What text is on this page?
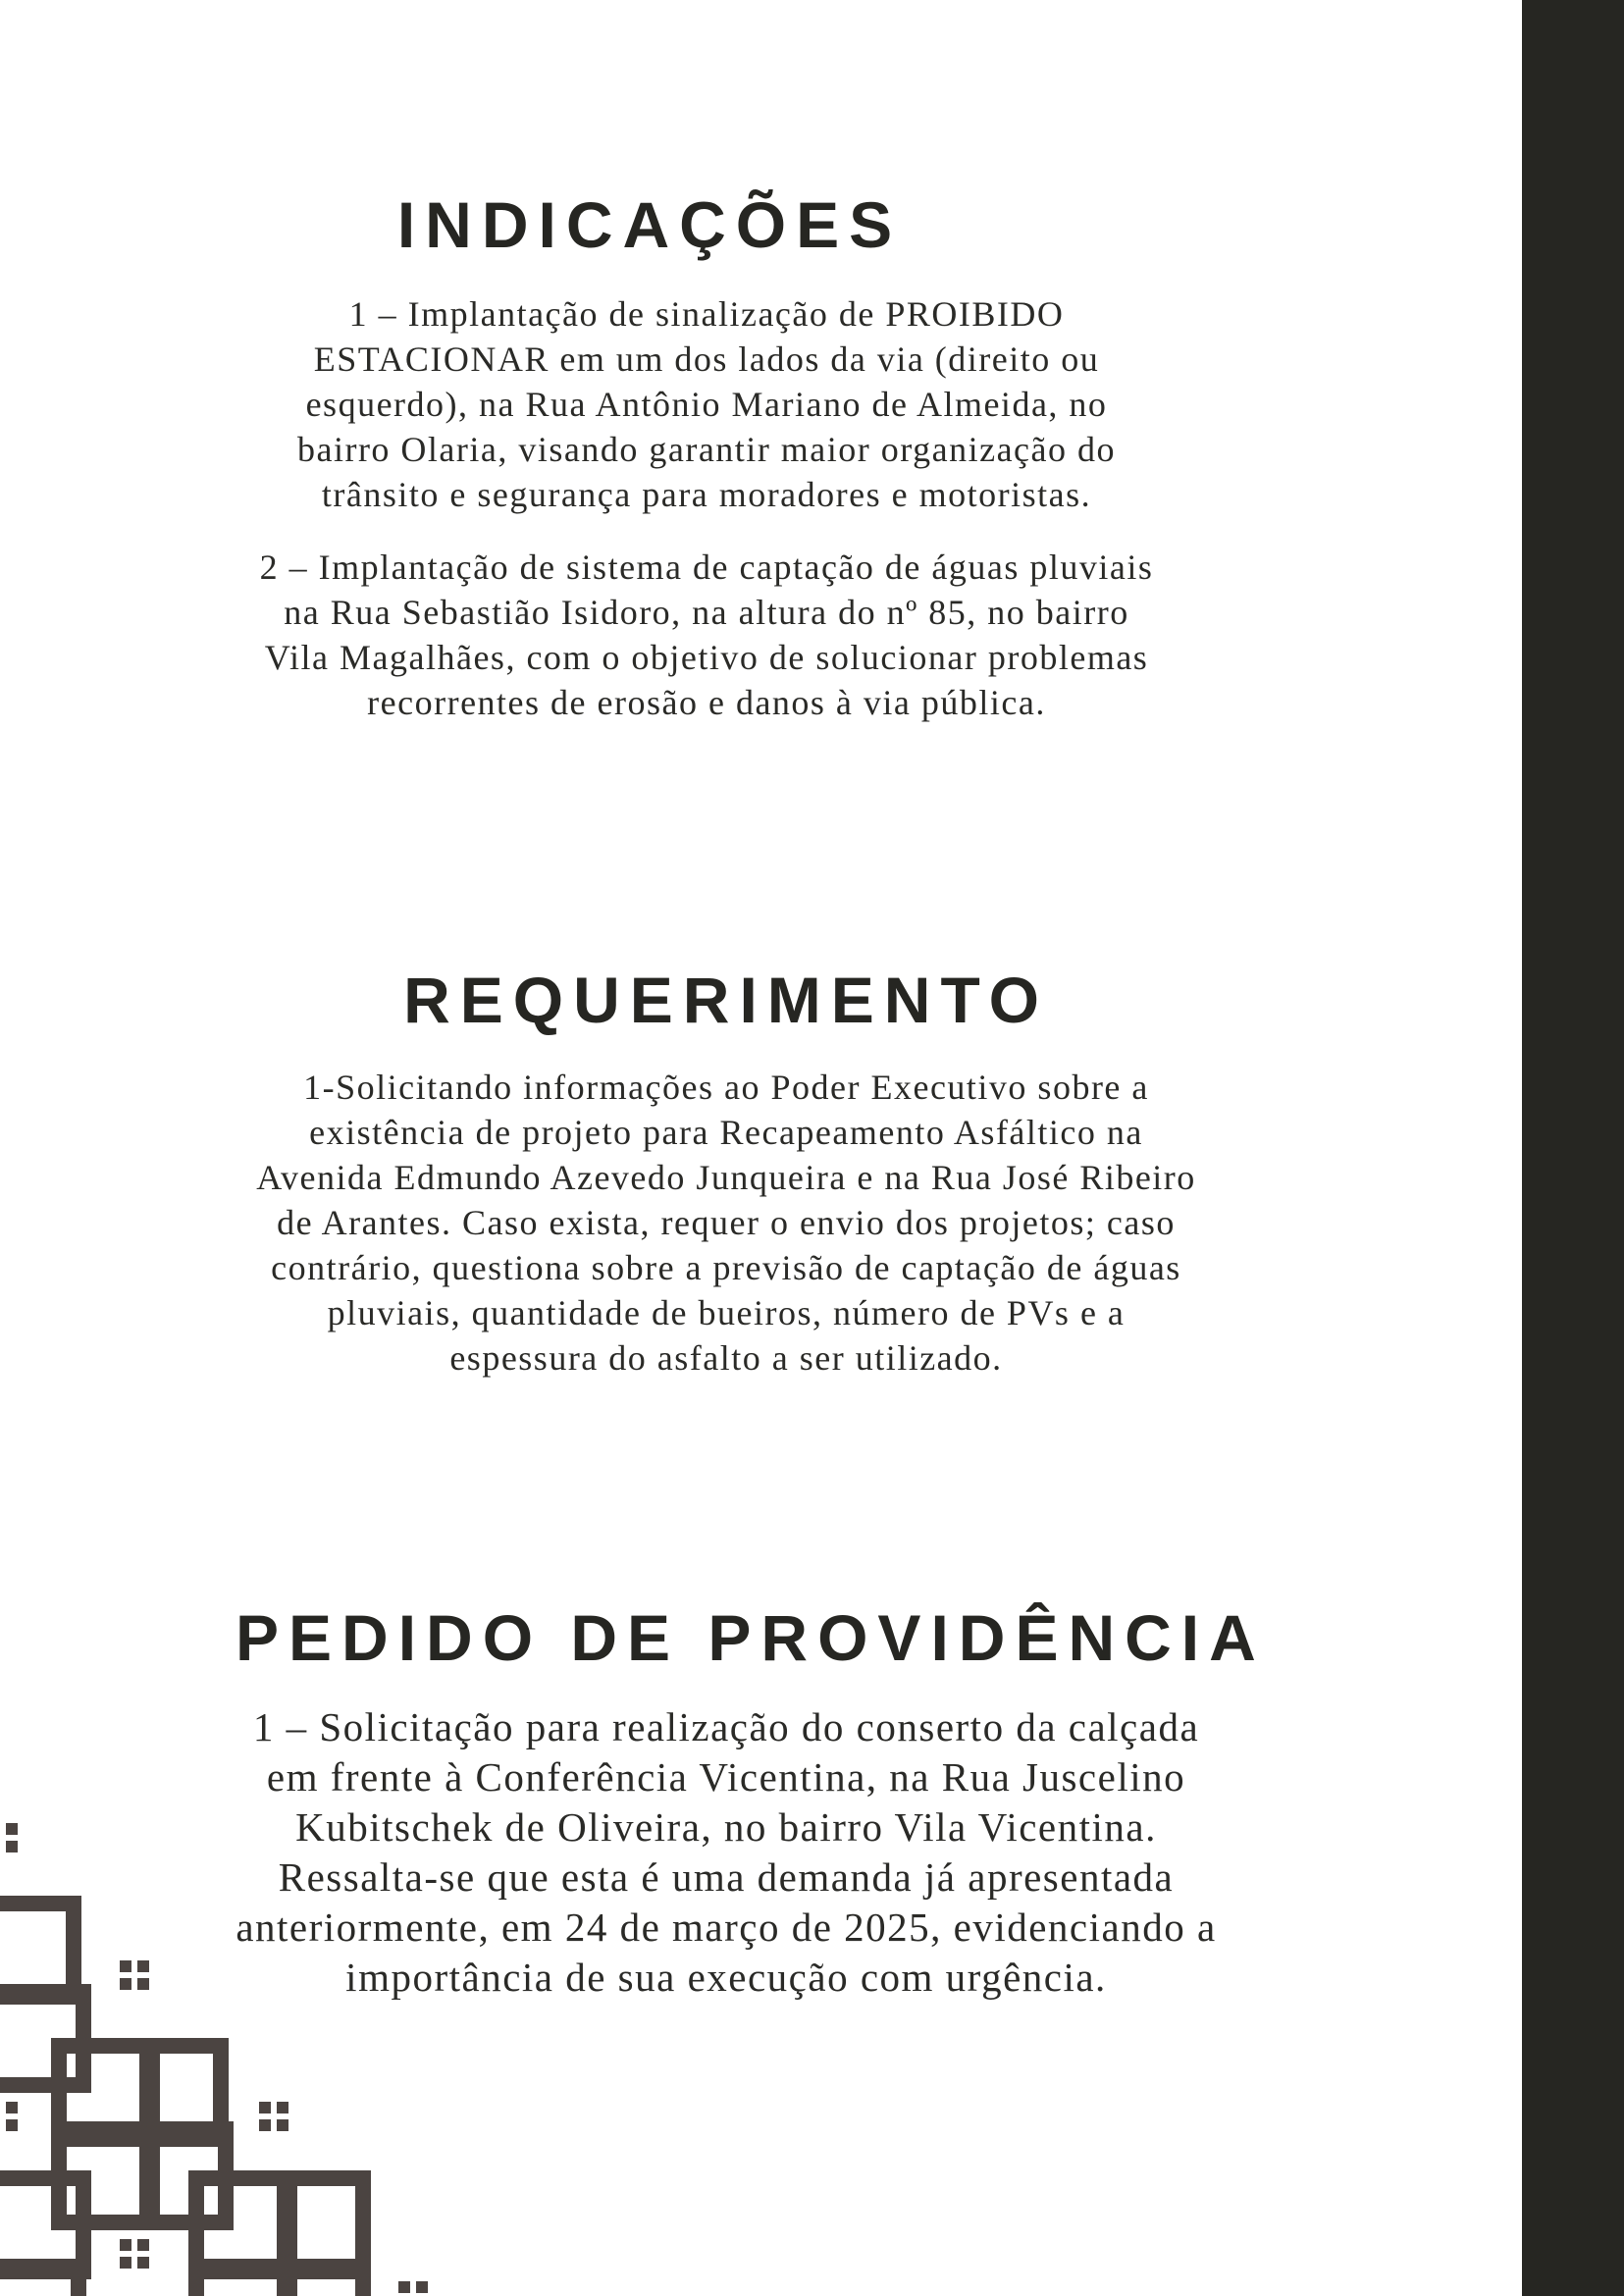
INDICAÇÕES

1 – Implantação de sinalização de PROIBIDO ESTACIONAR em um dos lados da via (direito ou esquerdo), na Rua Antônio Mariano de Almeida, no bairro Olaria, visando garantir maior organização do trânsito e segurança para moradores e motoristas.

2 – Implantação de sistema de captação de águas pluviais na Rua Sebastião Isidoro, na altura do nº 85, no bairro Vila Magalhães, com o objetivo de solucionar problemas recorrentes de erosão e danos à via pública.

REQUERIMENTO

1-Solicitando informações ao Poder Executivo sobre a existência de projeto para Recapeamento Asfáltico na Avenida Edmundo Azevedo Junqueira e na Rua José Ribeiro de Arantes. Caso exista, requer o envio dos projetos; caso contrário, questiona sobre a previsão de captação de águas pluviais, quantidade de bueiros, número de PVs e a espessura do asfalto a ser utilizado.

PEDIDO DE PROVIDÊNCIA

1 – Solicitação para realização do conserto da calçada em frente à Conferência Vicentina, na Rua Juscelino Kubitschek de Oliveira, no bairro Vila Vicentina. Ressalta-se que esta é uma demanda já apresentada anteriormente, em 24 de março de 2025, evidenciando a importância de sua execução com urgência.
